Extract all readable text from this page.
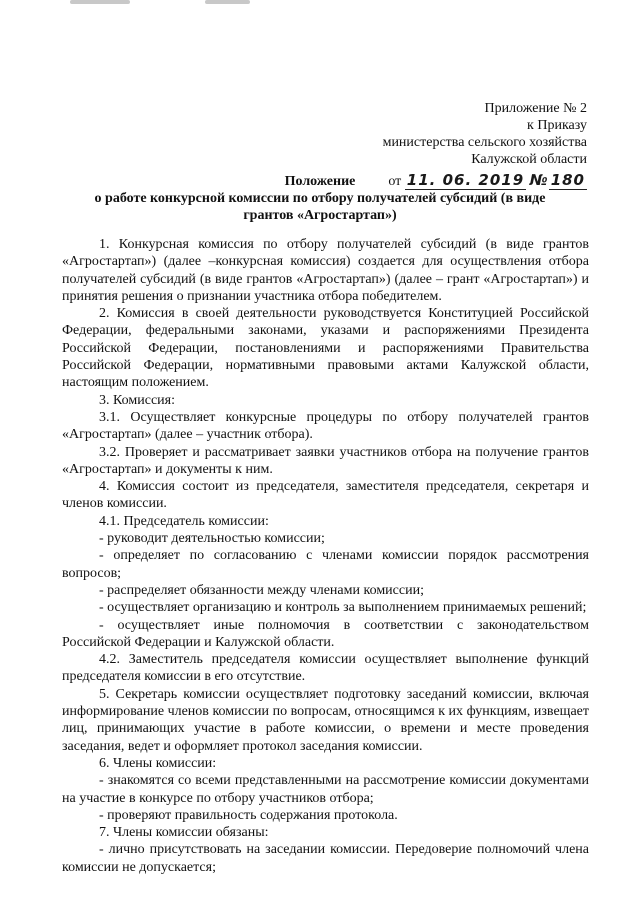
Приложение № 2
к Приказу
министерства сельского хозяйства
Калужской области
от 11. 06. 2019 № 180
Положение
о работе конкурсной комиссии по отбору получателей субсидий (в виде
грантов «Агростартап»)

1. Конкурсная комиссия по отбору получателей субсидий (в виде грантов «Агростартап») (далее –конкурсная комиссия) создается для осуществления отбора получателей субсидий (в виде грантов «Агростартап») (далее – грант «Агростартап») и принятия решения о признании участника отбора победителем.

2. Комиссия в своей деятельности руководствуется Конституцией Российской Федерации, федеральными законами, указами и распоряжениями Президента Российской Федерации, постановлениями и распоряжениями Правительства Российской Федерации, нормативными правовыми актами Калужской области, настоящим положением.

3. Комиссия:

3.1. Осуществляет конкурсные процедуры по отбору получателей грантов «Агростартап» (далее – участник отбора).

3.2. Проверяет и рассматривает заявки участников отбора на получение грантов «Агростартап» и документы к ним.

4. Комиссия состоит из председателя, заместителя председателя, секретаря и членов комиссии.

4.1. Председатель комиссии:

- руководит деятельностью комиссии;

- определяет по согласованию с членами комиссии порядок рассмотрения вопросов;

- распределяет обязанности между членами комиссии;

- осуществляет организацию и контроль за выполнением принимаемых решений;

- осуществляет иные полномочия в соответствии с законодательством Российской Федерации и Калужской области.

4.2. Заместитель председателя комиссии осуществляет выполнение функций председателя комиссии в его отсутствие.

5. Секретарь комиссии осуществляет подготовку заседаний комиссии, включая информирование членов комиссии по вопросам, относящимся к их функциям, извещает лиц, принимающих участие в работе комиссии, о времени и месте проведения заседания, ведет и оформляет протокол заседания комиссии.

6. Члены комиссии:

- знакомятся со всеми представленными на рассмотрение комиссии документами на участие в конкурсе по отбору участников отбора;

- проверяют правильность содержания протокола.

7. Члены комиссии обязаны:

- лично присутствовать на заседании комиссии. Передоверие полномочий члена комиссии не допускается;
